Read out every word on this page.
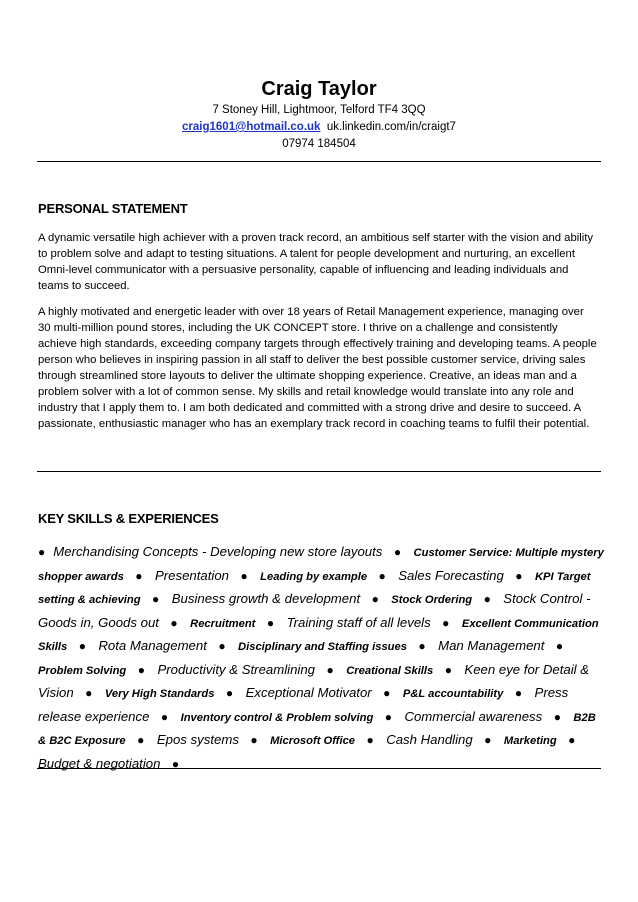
Craig Taylor
7 Stoney Hill, Lightmoor, Telford TF4 3QQ
craig1601@hotmail.co.uk uk.linkedin.com/in/craigt7
07974 184504
PERSONAL STATEMENT
A dynamic versatile high achiever with a proven track record, an ambitious self starter with the vision and ability to problem solve and adapt to testing situations. A talent for people development and nurturing, an excellent Omni-level communicator with a persuasive personality, capable of influencing and leading individuals and teams to succeed.
A highly motivated and energetic leader with over 18 years of Retail Management experience, managing over 30 multi-million pound stores, including the UK CONCEPT store. I thrive on a challenge and consistently achieve high standards, exceeding company targets through effectively training and developing teams. A people person who believes in inspiring passion in all staff to deliver the best possible customer service, driving sales through streamlined store layouts to deliver the ultimate shopping experience. Creative, an ideas man and a problem solver with a lot of common sense. My skills and retail knowledge would translate into any role and industry that I apply them to. I am both dedicated and committed with a strong drive and desire to succeed. A passionate, enthusiastic manager who has an exemplary track record in coaching teams to fulfil their potential.
KEY SKILLS & EXPERIENCES
● Merchandising Concepts - Developing new store layouts ● Customer Service: Multiple mystery shopper awards ● Presentation ● Leading by example ● Sales Forecasting ● KPI Target setting & achieving ● Business growth & development ● Stock Ordering ● Stock Control - Goods in, Goods out ● Recruitment ● Training staff of all levels ● Excellent Communication Skills ● Rota Management ● Disciplinary and Staffing issues ● Man Management ● Problem Solving ● Productivity & Streamlining ● Creational Skills ● Keen eye for Detail & Vision ● Very High Standards ● Exceptional Motivator ● P&L accountability ● Press release experience ● Inventory control & Problem solving ● Commercial awareness ● B2B & B2C Exposure ● Epos systems ● Microsoft Office ● Cash Handling ● Marketing ● Budget & negotiation ●
